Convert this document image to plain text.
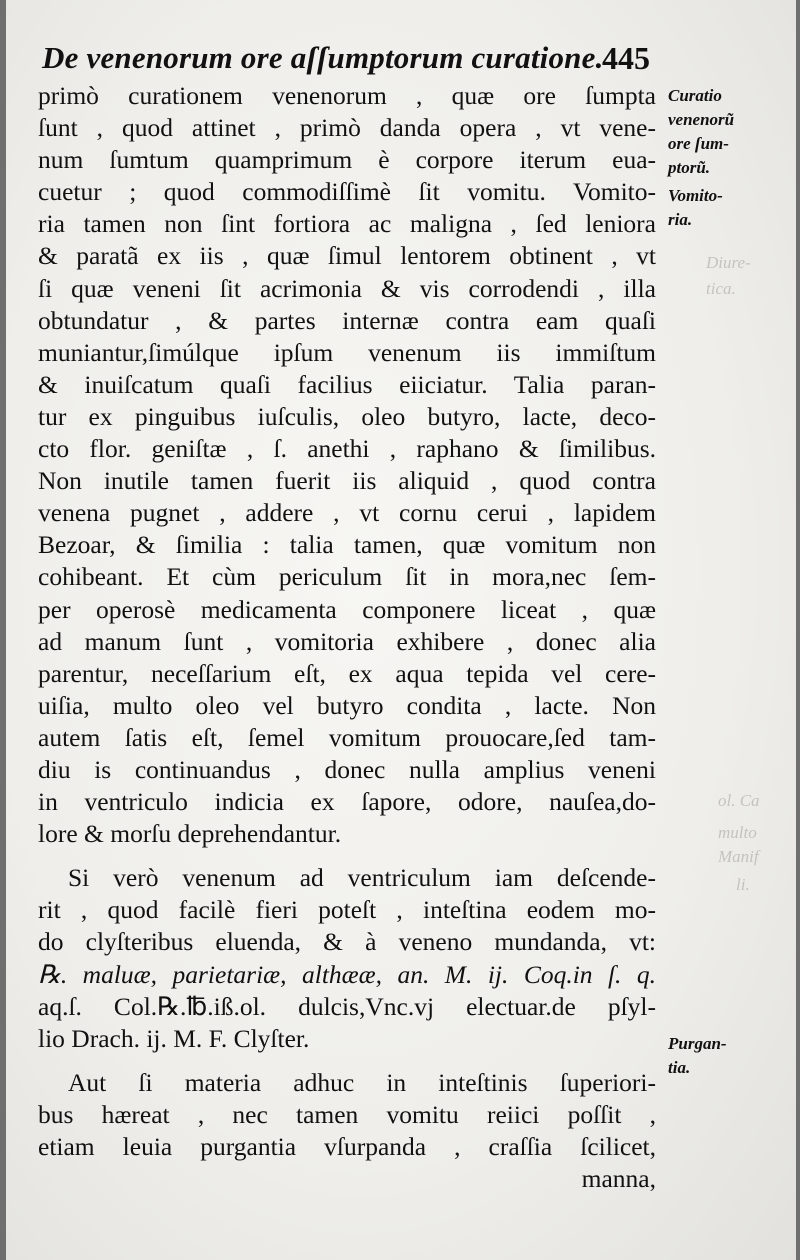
Diure-
tica.
ol. Ca
multo
Manif
li.
De venenorum ore aſſumptorum curatione.
445
Curatio
venenorũ
ore ſum-
ptorũ.
Vomito-
ria.
Purgan-
tia.
primò curationem venenorum , quæ ore ſumpta
ſunt , quod attinet , primò danda opera , vt vene-
num ſumtum quamprimum è corpore iterum eua-
cuetur ; quod commodiſſimè ſit vomitu. Vomito-
ria tamen non ſint fortiora ac maligna , ſed leniora
& paratã ex iis , quæ ſimul lentorem obtinent , vt
ſi quæ veneni ſit acrimonia & vis corrodendi , illa
obtundatur , & partes internæ contra eam quaſi
muniantur,ſimúlque ipſum venenum iis immiſtum
& inuiſcatum quaſi facilius eiiciatur. Talia paran-
tur ex pinguibus iuſculis, oleo butyro, lacte, deco-
cto flor. geniſtæ , ſ. anethi , raphano & ſimilibus.
Non inutile tamen fuerit iis aliquid , quod contra
venena pugnet , addere , vt cornu cerui , lapidem
Bezoar, & ſimilia : talia tamen, quæ vomitum non
cohibeant. Et cùm periculum ſit in mora,nec ſem-
per operosè medicamenta componere liceat , quæ
ad manum ſunt , vomitoria exhibere , donec alia
parentur, neceſſarium eſt, ex aqua tepida vel cere-
uiſia, multo oleo vel butyro condita , lacte. Non
autem ſatis eſt, ſemel vomitum prouocare,ſed tam-
diu is continuandus , donec nulla amplius veneni
in ventriculo indicia ex ſapore, odore, nauſea,do-
lore & morſu deprehendantur.
Si verò venenum ad ventriculum iam deſcende-
rit , quod facilè fieri poteſt , inteſtina eodem mo-
do clyſteribus eluenda, & à veneno mundanda, vt:
℞. maluæ, parietariæ, althææ, an. M. ij. Coq.in ſ. q.
aq.ſ. Col.℞.℔.iß.ol. dulcis,Vnc.vj electuar.de pſyl-
lio Drach. ij. M. F. Clyſter.
Aut ſi materia adhuc in inteſtinis ſuperiori-
bus hæreat , nec tamen vomitu reiici poſſit ,
etiam leuia purgantia vſurpanda , craſſia ſcilicet,
manna,
